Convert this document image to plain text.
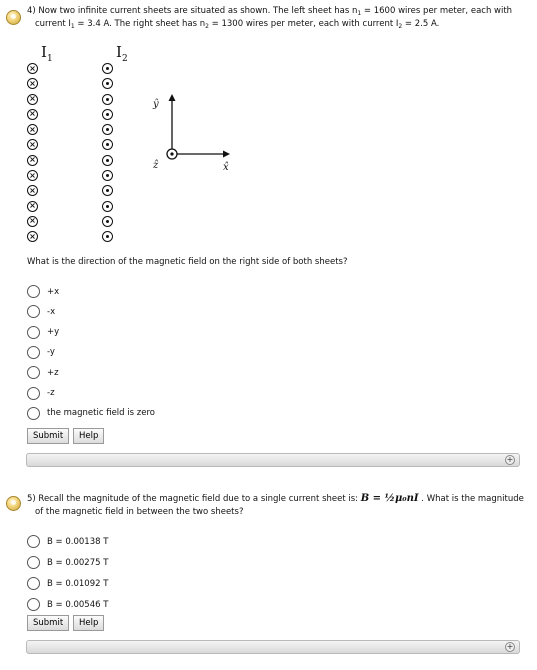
4) Now two infinite current sheets are situated as shown. The left sheet has $n_1 = 1600$ wires per meter, each with
current $I_1 = 3.4$ A. The right sheet has $n_2 = 1300$ wires per meter, each with current $I_2 = 2.5$ A.
$I_1$	$I_2$
×
×
×
×
×
×
×
×
×
×
×
×
ŷ
ẑ	x̂
What is the direction of the magnetic field on the right side of both sheets?
+x
-x
+y
-y
+z
-z
the magnetic field is zero
Submit	Help
+
5) Recall the magnitude of the magnetic field due to a single current sheet is: B = ½μ₀nI . What is the magnitude
of the magnetic field in between the two sheets?
B = 0.00138 T
B = 0.00275 T
B = 0.01092 T
B = 0.00546 T
Submit	Help
+
